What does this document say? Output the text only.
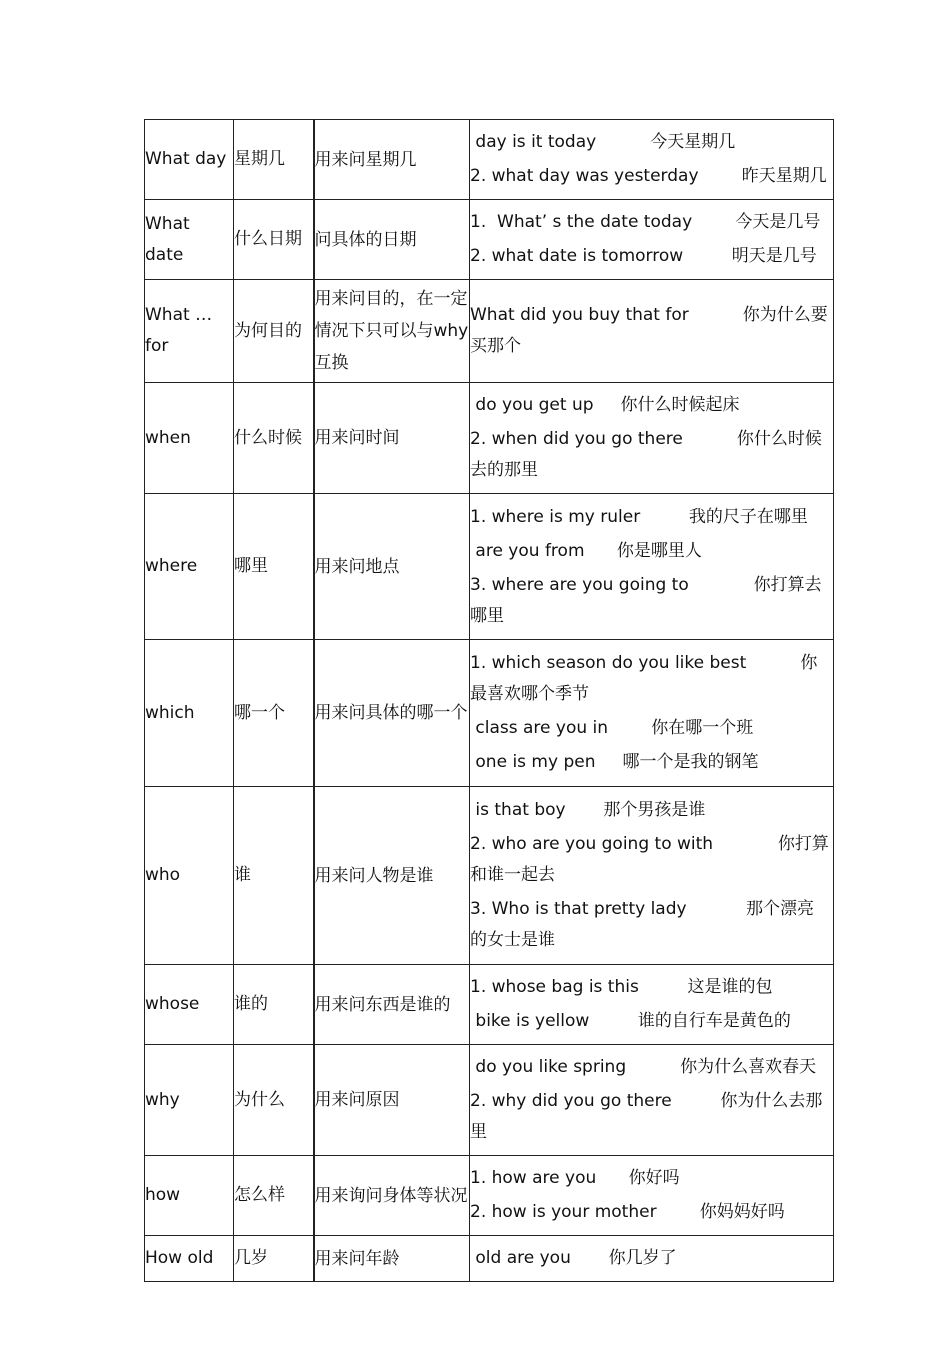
What day	星期几	用来问星期几	day is it today          今天星期几
2. what day was yesterday        昨天星期几

What date	什么日期	问具体的日期	1.  What’ s the date today        今天是几号
2. what date is tomorrow         明天是几号

What …for	为何目的	用来问目的，在一定情况下只可以与why互换	What did you buy that for          你为什么要买那个

when	什么时候	用来问时间	do you get up     你什么时候起床
2. when did you go there          你什么时候去的那里

where	哪里	用来问地点	1. where is my ruler         我的尺子在哪里
are you from      你是哪里人
3. where are you going to            你打算去哪里

which	哪一个	用来问具体的哪一个	1. which season do you like best          你最喜欢哪个季节
class are you in        你在哪一个班
one is my pen     哪一个是我的钢笔

who	谁	用来问人物是谁	is that boy       那个男孩是谁
2. who are you going to with            你打算和谁一起去
3. Who is that pretty lady           那个漂亮的女士是谁

whose	谁的	用来问东西是谁的	1. whose bag is this         这是谁的包
bike is yellow         谁的自行车是黄色的

why	为什么	用来问原因	do you like spring          你为什么喜欢春天
2. why did you go there         你为什么去那里

how	怎么样	用来询问身体等状况	1. how are you      你好吗
2. how is your mother        你妈妈好吗

How old	几岁	用来问年龄	old are you       你几岁了
